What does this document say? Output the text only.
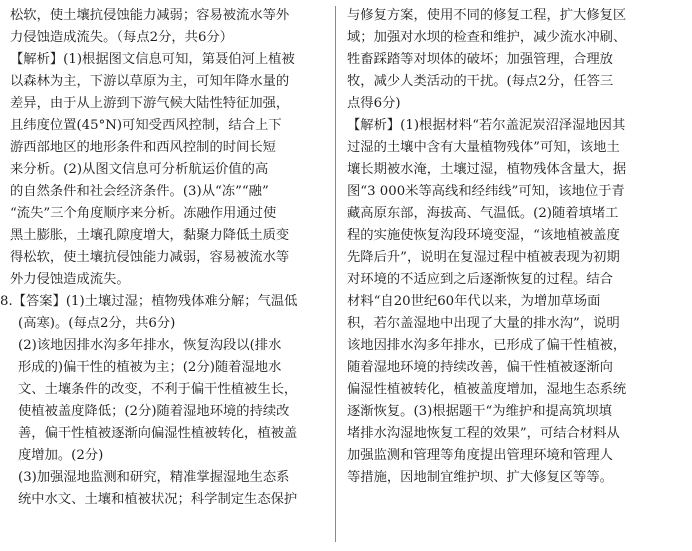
松软，使土壤抗侵蚀能力减弱；容易被流水等外
力侵蚀造成流失。（每点2分，共6分）
【解析】(1)根据图文信息可知，第聂伯河上植被
以森林为主，下游以草原为主，可知年降水量的
差异，由于从上游到下游气候大陆性特征加强，
且纬度位置(45°N)可知受西风控制，结合上下
游西部地区的地形条件和西风控制的时间长短
来分析。(2)从图文信息可分析航运价值的高
的自然条件和社会经济条件。(3)从“冻”“融”
“流失”三个角度顺序来分析。冻融作用通过使
黑土膨胀，土壤孔隙度增大，黏聚力降低土质变
得松软，使土壤抗侵蚀能力减弱，容易被流水等
外力侵蚀造成流失。
8.【答案】(1)土壤过湿；植物残体难分解；气温低
(高寒)。(每点2分，共6分)
(2)该地因排水沟多年排水，恢复沟段以(排水
形成的)偏干性的植被为主；(2分)随着湿地水
文、土壤条件的改变，不利于偏干性植被生长，
使植被盖度降低；(2分)随着湿地环境的持续改
善，偏干性植被逐渐向偏湿性植被转化，植被盖
度增加。(2分)
(3)加强湿地监测和研究，精准掌握湿地生态系
统中水文、土壤和植被状况；科学制定生态保护
与修复方案，使用不同的修复工程，扩大修复区
域；加强对水坝的检查和维护，减少流水冲刷、
牲畜踩踏等对坝体的破坏；加强管理，合理放
牧，减少人类活动的干扰。(每点2分，任答三
点得6分)
【解析】(1)根据材料“若尔盖泥炭沼泽湿地因其
过湿的土壤中含有大量植物残体”可知，该地土
壤长期被水淹，土壤过湿，植物残体含量大，据
图“3 000米等高线和经纬线”可知，该地位于青
藏高原东部，海拔高、气温低。(2)随着填堵工
程的实施使恢复沟段环境变湿，“该地植被盖度
先降后升”，说明在复湿过程中植被表现为初期
对环境的不适应到之后逐渐恢复的过程。结合
材料“自20世纪60年代以来，为增加草场面
积，若尔盖湿地中出现了大量的排水沟”，说明
该地因排水沟多年排水，已形成了偏干性植被，
随着湿地环境的持续改善，偏干性植被逐渐向
偏湿性植被转化，植被盖度增加，湿地生态系统
逐渐恢复。(3)根据题干“为维护和提高筑坝填
堵排水沟湿地恢复工程的效果”，可结合材料从
加强监测和管理等角度提出管理环境和管理人
等措施，因地制宜维护坝、扩大修复区等等。
